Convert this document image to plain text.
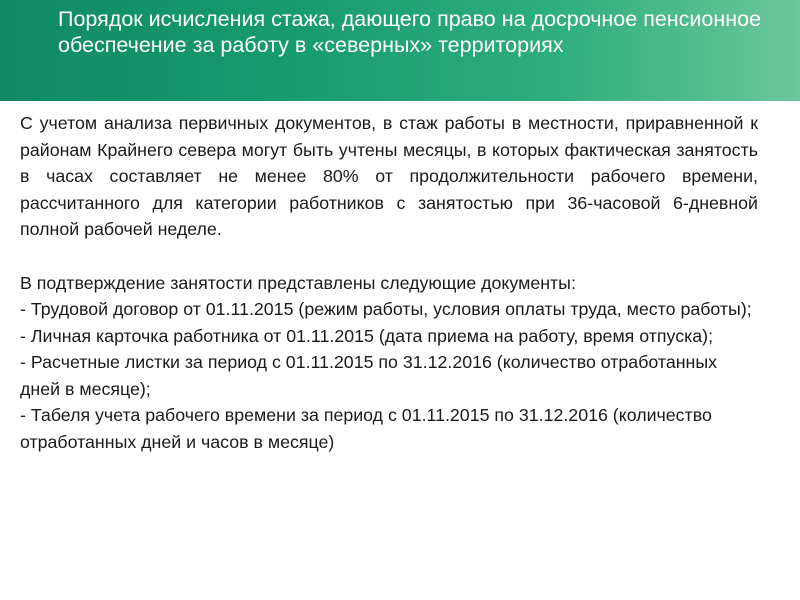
Порядок исчисления стажа, дающего право на досрочное пенсионное обеспечение за работу в «северных» территориях

С учетом анализа первичных документов, в стаж работы в местности, приравненной к районам Крайнего севера могут быть учтены месяцы, в которых фактическая занятость в часах составляет не менее 80% от продолжительности рабочего времени, рассчитанного для категории работников с занятостью при 36-часовой 6-дневной полной рабочей неделе.

В подтверждение занятости представлены следующие документы:

- Трудовой договор от 01.11.2015 (режим работы, условия оплаты труда, место работы);

- Личная карточка работника от 01.11.2015 (дата приема на работу, время отпуска);

- Расчетные листки за период с 01.11.2015 по 31.12.2016 (количество отработанных дней в месяце);

- Табеля учета рабочего времени за период с 01.11.2015 по 31.12.2016 (количество отработанных дней и часов в месяце)
